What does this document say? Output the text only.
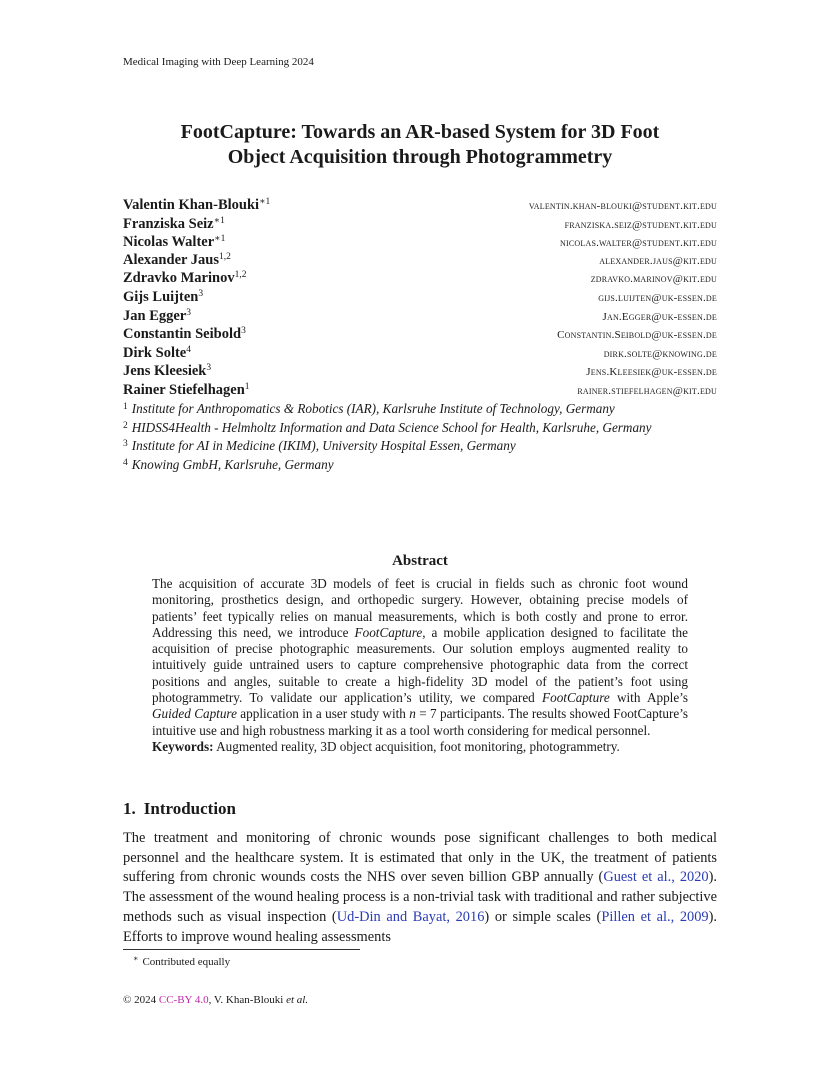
Medical Imaging with Deep Learning 2024
FootCapture: Towards an AR-based System for 3D Foot
Object Acquisition through Photogrammetry
Valentin Khan-Blouki$^{∗1}$	valentin.khan-blouki@student.kit.edu
Franziska Seiz$^{∗1}$	franziska.seiz@student.kit.edu
Nicolas Walter$^{∗1}$	nicolas.walter@student.kit.edu
Alexander Jaus$^{1,2}$	alexander.jaus@kit.edu
Zdravko Marinov$^{1,2}$	zdravko.marinov@kit.edu
Gijs Luijten$^3$	gijs.luijten@uk-essen.de
Jan Egger$^3$	Jan.Egger@uk-essen.de
Constantin Seibold$^3$	Constantin.Seibold@uk-essen.de
Dirk Solte$^4$	dirk.solte@knowing.de
Jens Kleesiek$^3$	Jens.Kleesiek@uk-essen.de
Rainer Stiefelhagen$^1$	rainer.stiefelhagen@kit.edu
$^1$ Institute for Anthropomatics & Robotics (IAR), Karlsruhe Institute of Technology, Germany
$^2$ HIDSS4Health - Helmholtz Information and Data Science School for Health, Karlsruhe, Germany
$^3$ Institute for AI in Medicine (IKIM), University Hospital Essen, Germany
$^4$ Knowing GmbH, Karlsruhe, Germany
Abstract

The acquisition of accurate 3D models of feet is crucial in fields such as chronic foot wound monitoring, prosthetics design, and orthopedic surgery. However, obtaining precise models of patients’ feet typically relies on manual measurements, which is both costly and prone to error. Addressing this need, we introduce FootCapture, a mobile application designed to facilitate the acquisition of precise photographic measurements. Our solution employs augmented reality to intuitively guide untrained users to capture comprehensive photographic data from the correct positions and angles, suitable to create a high-fidelity 3D model of the patient’s foot using photogrammetry. To validate our application’s utility, we compared FootCapture with Apple’s Guided Capture application in a user study with n = 7 participants. The results showed FootCapture’s intuitive use and high robustness marking it as a tool worth considering for medical personnel.

Keywords: Augmented reality, 3D object acquisition, foot monitoring, photogrammetry.

1. Introduction

The treatment and monitoring of chronic wounds pose significant challenges to both medical personnel and the healthcare system. It is estimated that only in the UK, the treatment of patients suffering from chronic wounds costs the NHS over seven billion GBP annually (Guest et al., 2020). The assessment of the wound healing process is a non-trivial task with traditional and rather subjective methods such as visual inspection (Ud-Din and Bayat, 2016) or simple scales (Pillen et al., 2009). Efforts to improve wound healing assessments

∗ Contributed equally
© 2024 CC-BY 4.0, V. Khan-Blouki et al.
